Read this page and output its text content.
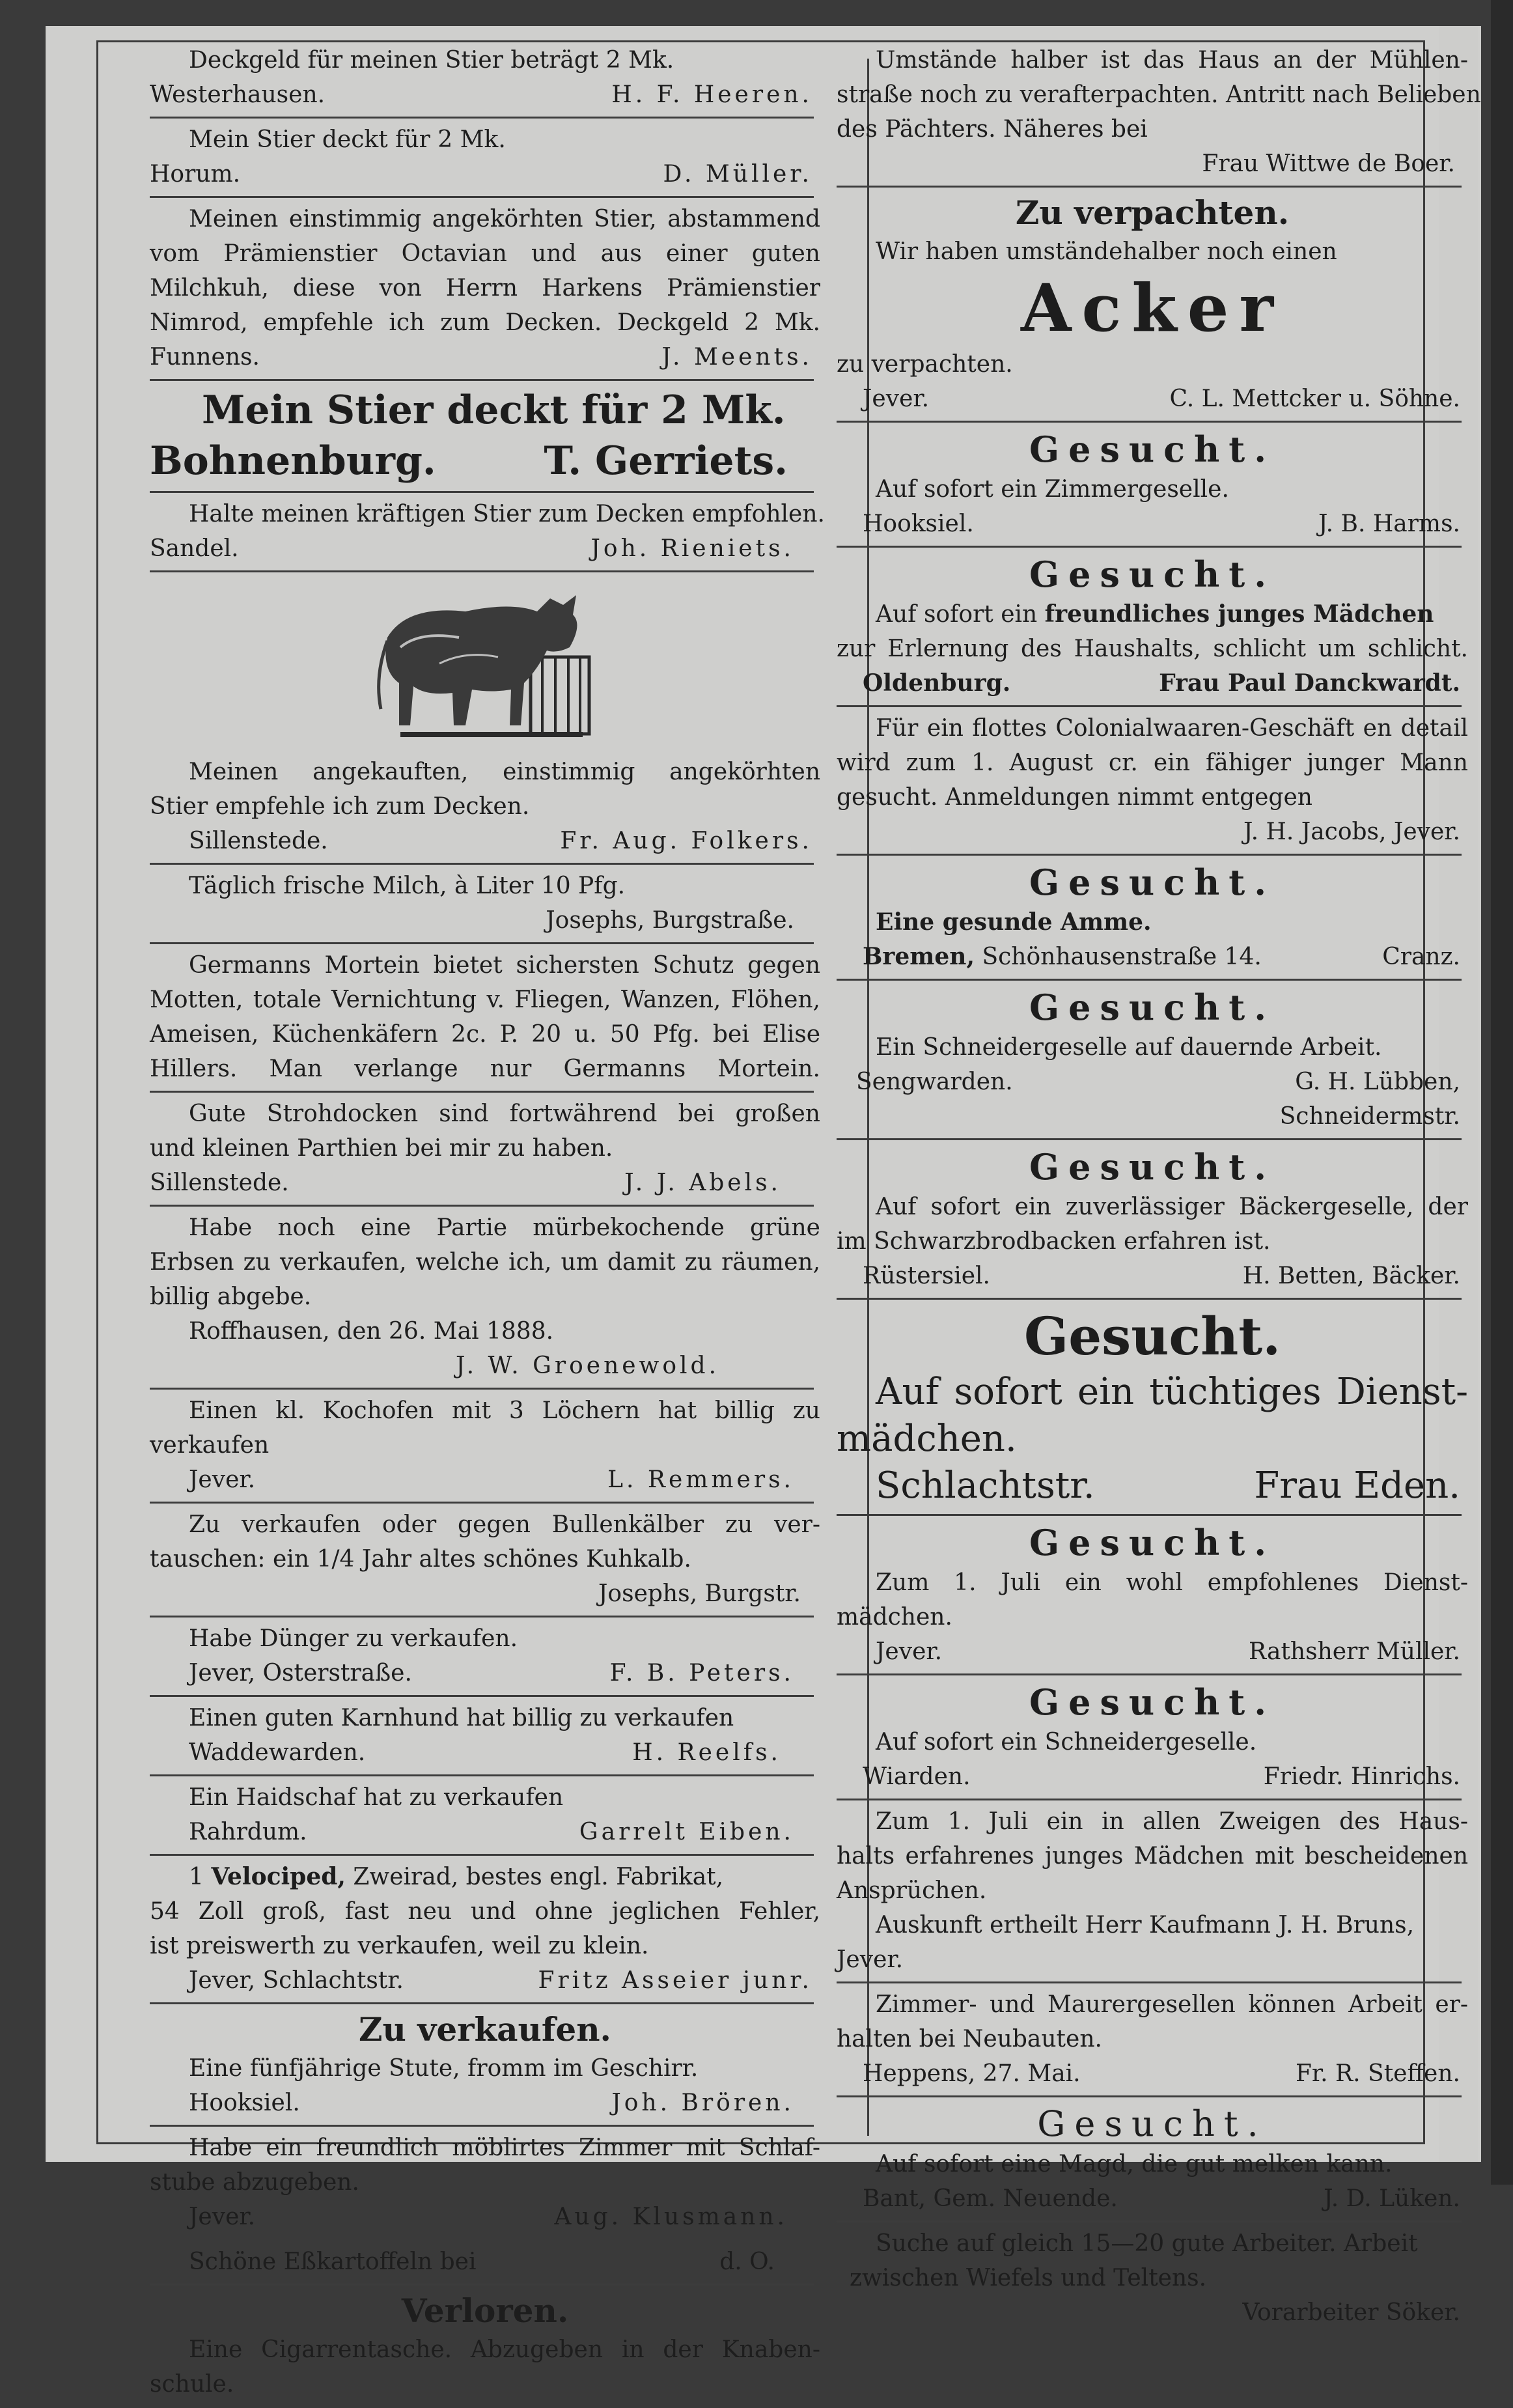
Deckgeld für meinen Stier beträgt 2 Mk.
Westerhausen.	H. F. Heeren.
Mein Stier deckt für 2 Mk.
Horum.	D. Müller.
Meinen einstimmig angekörhten Stier, abstammend
vom Prämienstier Octavian und aus einer guten
Milchkuh, diese von Herrn Harkens Prämienstier
Nimrod, empfehle ich zum Decken. Deckgeld 2 Mk.
Funnens.	J. Meents.
Mein Stier deckt für 2 Mk.
Bohnenburg.	T. Gerriets.
Halte meinen kräftigen Stier zum Decken empfohlen.
Sandel.	Joh. Rieniets.
Meinen angekauften, einstimmig angekörhten
Stier empfehle ich zum Decken.
Sillenstede.	Fr. Aug. Folkers.
Täglich frische Milch, à Liter 10 Pfg.
Josephs, Burgstraße.
Germanns Mortein bietet sichersten Schutz gegen
Motten, totale Vernichtung v. Fliegen, Wanzen, Flöhen,
Ameisen, Küchenkäfern 2c. P. 20 u. 50 Pfg. bei Elise
Hillers. Man verlange nur Germanns Mortein.
Gute Strohdocken sind fortwährend bei großen
und kleinen Parthien bei mir zu haben.
Sillenstede.	J. J. Abels.
Habe noch eine Partie mürbekochende grüne
Erbsen zu verkaufen, welche ich, um damit zu räumen,
billig abgebe.
Roffhausen, den 26. Mai 1888.
J. W. Groenewold.
Einen kl. Kochofen mit 3 Löchern hat billig zu
verkaufen
Jever.	L. Remmers.
Zu verkaufen oder gegen Bullenkälber zu ver-
tauschen: ein 1/4 Jahr altes schönes Kuhkalb.
Josephs, Burgstr.
Habe Dünger zu verkaufen.
Jever, Osterstraße.	F. B. Peters.
Einen guten Karnhund hat billig zu verkaufen
Waddewarden.	H. Reelfs.
Ein Haidschaf hat zu verkaufen
Rahrdum.	Garrelt Eiben.
1 Velociped, Zweirad, bestes engl. Fabrikat,
54 Zoll groß, fast neu und ohne jeglichen Fehler,
ist preiswerth zu verkaufen, weil zu klein.
Jever, Schlachtstr.	Fritz Asseier junr.
Zu verkaufen.
Eine fünfjährige Stute, fromm im Geschirr.
Hooksiel.	Joh. Brören.
Habe ein freundlich möblirtes Zimmer mit Schlaf-
stube abzugeben.
Jever.	Aug. Klusmann.
Schöne Eßkartoffeln bei	d. O.
Verloren.
Eine Cigarrentasche. Abzugeben in der Knaben-
schule.
Umstände halber ist das Haus an der Mühlen-
straße noch zu verafterpachten. Antritt nach Belieben
des Pächters. Näheres bei
Frau Wittwe de Boer.
Zu verpachten.
Wir haben umständehalber noch einen
Acker
zu verpachten.
Jever.	C. L. Mettcker u. Söhne.
Gesucht.
Auf sofort ein Zimmergeselle.
Hooksiel.	J. B. Harms.
Gesucht.
Auf sofort ein freundliches junges Mädchen
zur Erlernung des Haushalts, schlicht um schlicht.
Oldenburg.	Frau Paul Danckwardt.
Für ein flottes Colonialwaaren-Geschäft en detail
wird zum 1. August cr. ein fähiger junger Mann
gesucht. Anmeldungen nimmt entgegen
J. H. Jacobs, Jever.
Gesucht.
Eine gesunde Amme.
Bremen, Schönhausenstraße 14.	Cranz.
Gesucht.
Ein Schneidergeselle auf dauernde Arbeit.
Sengwarden.	G. H. Lübben,
Schneidermstr.
Gesucht.
Auf sofort ein zuverlässiger Bäckergeselle, der
im Schwarzbrodbacken erfahren ist.
Rüstersiel.	H. Betten, Bäcker.
Gesucht.
Auf sofort ein tüchtiges Dienst-
mädchen.
Schlachtstr.	Frau Eden.
Gesucht.
Zum 1. Juli ein wohl empfohlenes Dienst-
mädchen.
Jever.	Rathsherr Müller.
Gesucht.
Auf sofort ein Schneidergeselle.
Wiarden.	Friedr. Hinrichs.
Zum 1. Juli ein in allen Zweigen des Haus-
halts erfahrenes junges Mädchen mit bescheidenen
Ansprüchen.
Auskunft ertheilt Herr Kaufmann J. H. Bruns,
Jever.
Zimmer- und Maurergesellen können Arbeit er-
halten bei Neubauten.
Heppens, 27. Mai.	Fr. R. Steffen.
Gesucht.
Auf sofort eine Magd, die gut melken kann.
Bant, Gem. Neuende.	J. D. Lüken.
Suche auf gleich 15—20 gute Arbeiter. Arbeit
zwischen Wiefels und Teltens.
Vorarbeiter Söker.
